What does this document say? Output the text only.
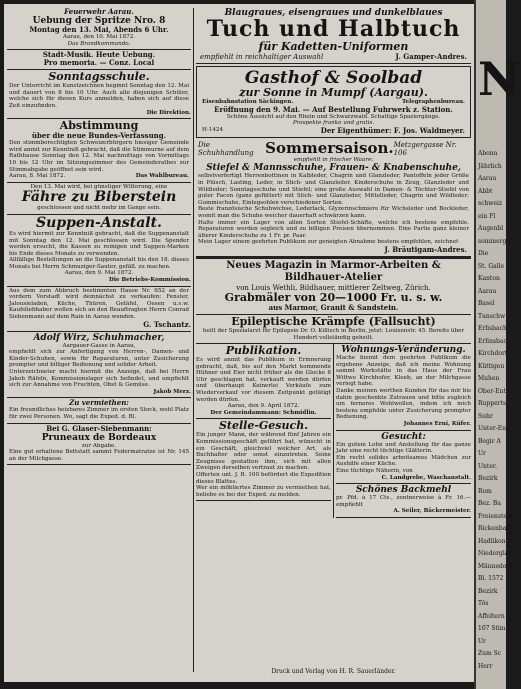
Feuerwehr Aarau.
Uebung der Spritze Nro. 8
Montag den 13. Mai, Abends 6 Uhr.
Aarau, den 10. Mai 1872.
Das Brandkommando.
Stadt-Musik. Heute Uebung.
Pro memoria. — Conz. Local
Sonntagsschule.
Der Unterricht im Kunstzeichnen beginnt Sonntag den 12. Mai und dauert von 8 bis 10 Uhr. Auch alle diejenigen Schüler, welche sich für diesen Kurs anmelden, haben sich auf diese Zeit einzufinden.
Die Direktion.
Abstimmung
über die neue Bundes-Verfassung.
Den stimmberechtigten Schweizerbürgern hiesiger Gemeinde wird anmit zur Kenntniß gebracht, daß die Stimmurne auf dem Rathhause Sonntag den 12. Mai nachmittags von Vormittags 10 bis 12 Uhr im Sitzungszimmer des Gemeinderathes zur Stimmabgabe geöffnet sein wird.
Aarau, 8. Mai 1872.	Das Wahlbureau.
Den 13. Mai wird, bei günstiger Witterung, eine
Fähre zu Biberstein
geschlossen und nicht mehr im Gange sein.
Suppen-Anstalt.
Es wird hiermit zur Kenntniß gebracht, daß die Suppenanstalt mit Sonntag den 12. Mai geschlossen wird. Die Spender werden ersucht, die Kassen zu reinigen und Suppen-Marken bis Ende dieses Monats zu verwenden.
Allfällige Bestellungen an die Suppenanstalt bis den 18. dieses Monats bei Herrn Schmuziger-Sauter, gefäll. zu machen.
Aarau, den 9. Mai 1872.
Die Betriebs-Kommission.
Aus dem zum Abbruch bestimmten Hause Nr. 652 an der vordern Vorstadt wird demnächst zu verkaufen: Fenster, Jalousieladen, Küche, Thüren, Getäfel, Oesen u.s.w. Kaufsliebhaber wollen sich an den Beauftragten Herrn Conrad Siebenmann auf dem Rain in Aarau wenden.
G. Tschantz.
Adolf Wirz, Schuhmacher,
Aargauer-Gasse in Aarau,
empfiehlt sich zur Anfertigung von Herren-, Damen- und Kinder-Schuhen, sowie für Reparaturen, unter Zusicherung prompter und billiger Bedienung und solider Arbeit.
Unterzeichneter macht hiermit die Anzeige, daß bei Herrn Jakob Räfeln, Kommissionslager sich befindet, und empfiehlt sich zur Annahme von Fruchten, Obst & Gemüse.
Jakob Merz.
Zu vermiethen:
Ein freundliches heizbares Zimmer im ersten Stock, wohl Platz für zwei Personen. Wo, sagt die Exped. d. Bl.
Bei G. Glaser-Siebenmann:
Pruneaux de Bordeaux
zur Abgabe.
Eine gut erhaltene Bettstatt sammt Federmatratze ist Nr. 145 an der Milchgasse.
Blaugraues, eisengraues und dunkelblaues
Tuch und Halbtuch
für Kadetten-Uniformen
empfiehlt in reichhaltiger Auswahl	J. Gamper-Andres.
Gasthof & Soolbad
zur Sonne in Mumpf (Aargau).
Eisenbahnstation Säckingen.	Telegraphenbureau.
Eröffnung den 9. Mai. — Auf Bestellung Fuhrwerk z. Station.
Schöne Aussicht auf den Rhein und Schwarzwald. Schattige Spaziergänge.
Prospekte franko und gratis.
H-1424	Der Eigenthümer: F. Jos. Waldmeyer.
Die Schuhhandlung Sommersaison. Metzgergasse Nr. 106
empfiehlt in frischer Waare:
Stiefel & Mannsschuhe, Frauen- & Knabenschuhe,
selbstverfertigt Herrenbottinen in Kalbleder, Chagrin und Glanzleder, Pantoffeln jeder Größe in Plüsch, Lasting, Leder, in Stich- und Glanzleder. Kinderschuhe in Zeug, Glanzleder und Wildleder; Sonntagsschuhe und Stiefel; eine große Auswahl in Damen- & Töchter-Stiefel von guter Facon (ganz gefüttert) mit Stich- und Glanzleder, Mittelleder, Chagrin und Wildleder; Gummischuhe, Einlegsohlen verschiedener Sorten.
Beste französische Schuhwichse, Lederlack, Glyzerinschmiere für Wichsleder und Bockleder, womit man die Schuhe weicher dauerhaft schwärzen kann.
Halte immer ein Lager von allen Sorten Stiefel-Schäfte, welche ich bestens empfehle. Reparaturen werden sogleich und zu billigen Preisen übernommen. Eine Partie ganz kleiner älterer Kinderschuhe zu 1 Fr. pr. Paar.
Mein Lager einem geehrten Publikum zur geneigten Abnahme bestens empfohlen, zeichnet
J. Bräutigam-Andres.
Neues Magazin in Marmor-Arbeiten & Bildhauer-Atelier
von Louis Wethli, Bildhauer, mittlerer Zeltweg, Zürich.
Grabmäler von 20—1000 Fr. u. s. w.
aus Marmor, Granit & Sandstein.
Epileptische Krämpfe (Fallsucht)
heilt der Spezialarzt für Epilepsie Dr. O. Killisch in Berlin, jetzt: Louisenstr. 45. Bereits über Hundert vollständig geheilt.
Publikation.
Es wird anmit das Publikum in Erinnerung gebracht, daß, bis auf den Markt kommende Hühner und Eier nicht früher als die Glocke 8 Uhr geschlagen hat, verkauft werden dürfen und überhaupt Keinerlei Verkäufe zum Wiederverkauf vor diesem Zeitpunkt getätigt werden dürfen.
Aarau, den 9. April 1872.
Der Gemeindammann: Schmidlin.
Stelle-Gesuch.
Ein junger Mann, der während fünf Jahren ein Kommissionsgeschäft geführt hat, wünscht in ein Geschäft, gleichviel welcher Art, als Buchhalter oder sonst einzutreten. Seine Zeugnisse gestatten ihm, sich mit allen Zweigen derselben vertraut zu machen.
Offerten unt. J. B. 100 befördert die Expedition dieses Blattes.
Wer ein möbliertes Zimmer zu vermiethen hat, beliebe es bei der Exped. zu melden.
Wohnungs-Veränderung.
Mache hiemit dem geehrten Publikum die ergebene Anzeige, daß ich meine Wohnung sammt Werkstätte in das Haus der Frau Wittwe Kirchhofer, Kleeb, an der Milchgasse verlegt habe.
Danke meinen werthen Kunden für das mir bis dahin geschenkte Zutrauen und bitte zugleich um ferneres Wohlwollen, indem ich mich bestens empfehle unter Zusicherung prompter Bedienung.
Johannes Erni, Küfer.
Gesucht:
Ein gutem Lohn und Anstellung für das ganze Jahr eine recht tüchtige Glätterin.
Ein recht solides arbeitsames Mädchen zur Aushilfe einer Küche.
Eine tüchtige Näherin, von
C. Landgrebe, Waschanstalt.
Schönes Backmehl
pr. Pfd. à 17 Cts., zentnerweise à Fr. 16.— empfiehlt
A. Seiler, Bäckermeister.
Druck und Verlag von H. R. Sauerländer.
N
Abonn
Jährlich
Aarau
Abbt
schweiz
ein Fl
Augenbl
sommerg
Die
St. Galle
Kanton
Aarau
Basel
Tunschw
Erlisbach
Erlinsbac
Kirchdorf
Küttigen
Muhen
Ober-Ent
Rupperts
Suhr
Unter-Ent
Begir A
Ur
Unter.
Bezirk
Rom
Bez. Ba
Freienstein
Rickenbach
Hadlikon
Niederglatt
Männedorf
Bl. 1572
Bezirk
Tös
Affoltern
107 Stim
Ur
Zum Sc
Herr
